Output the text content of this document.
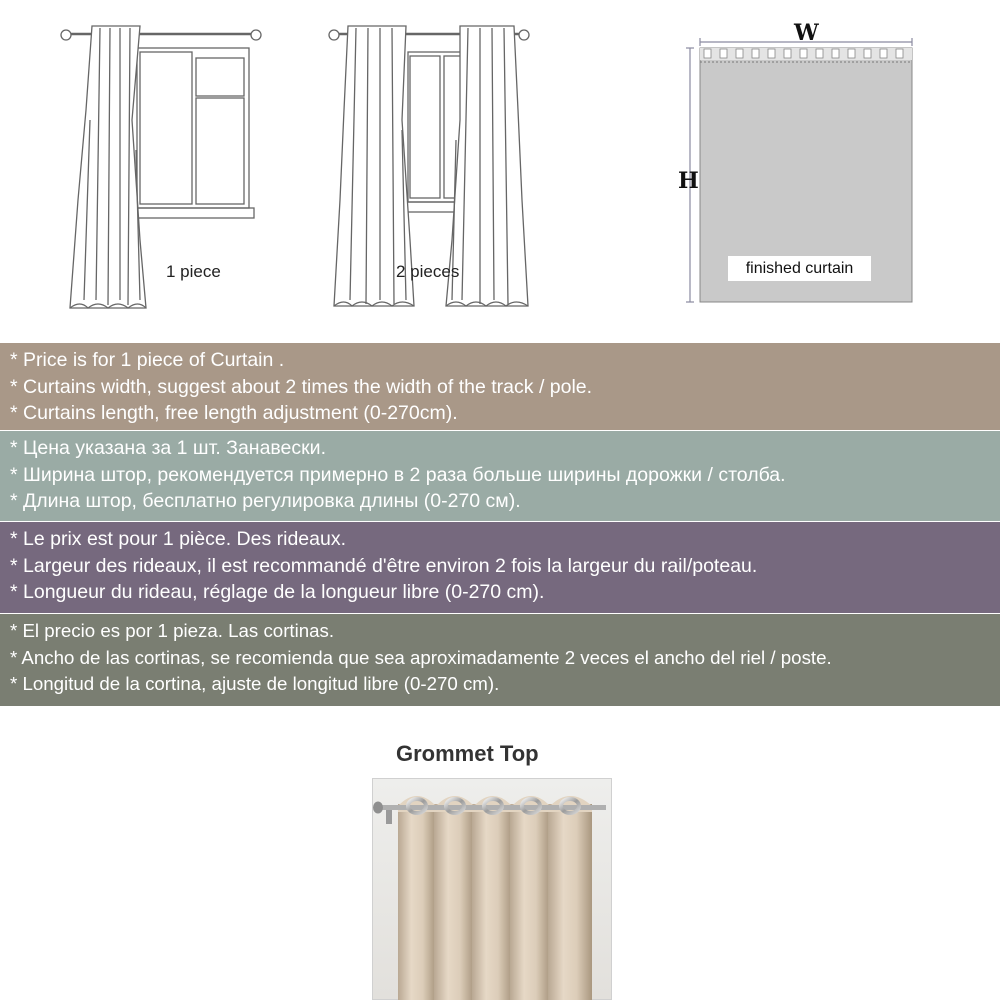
1 piece	2 pieces
W
H
finished curtain
* Price is for 1 piece of Curtain .
* Curtains width, suggest about 2 times the width of the track / pole.
* Curtains length, free length adjustment (0-270cm).
* Цена указана за 1 шт. Занавески.
* Ширина штор, рекомендуется примерно в 2 раза больше ширины дорожки / столба.
* Длина штор, бесплатно регулировка длины (0-270 см).
* Le prix est pour 1 pièce. Des rideaux.
* Largeur des rideaux, il est recommandé d'être environ 2 fois la largeur du rail/poteau.
* Longueur du rideau, réglage de la longueur libre (0-270 cm).
* El precio es por 1 pieza. Las cortinas.
* Ancho de las cortinas, se recomienda que sea aproximadamente 2 veces el ancho del riel / poste.
* Longitud de la cortina, ajuste de longitud libre (0-270 cm).
Grommet Top
